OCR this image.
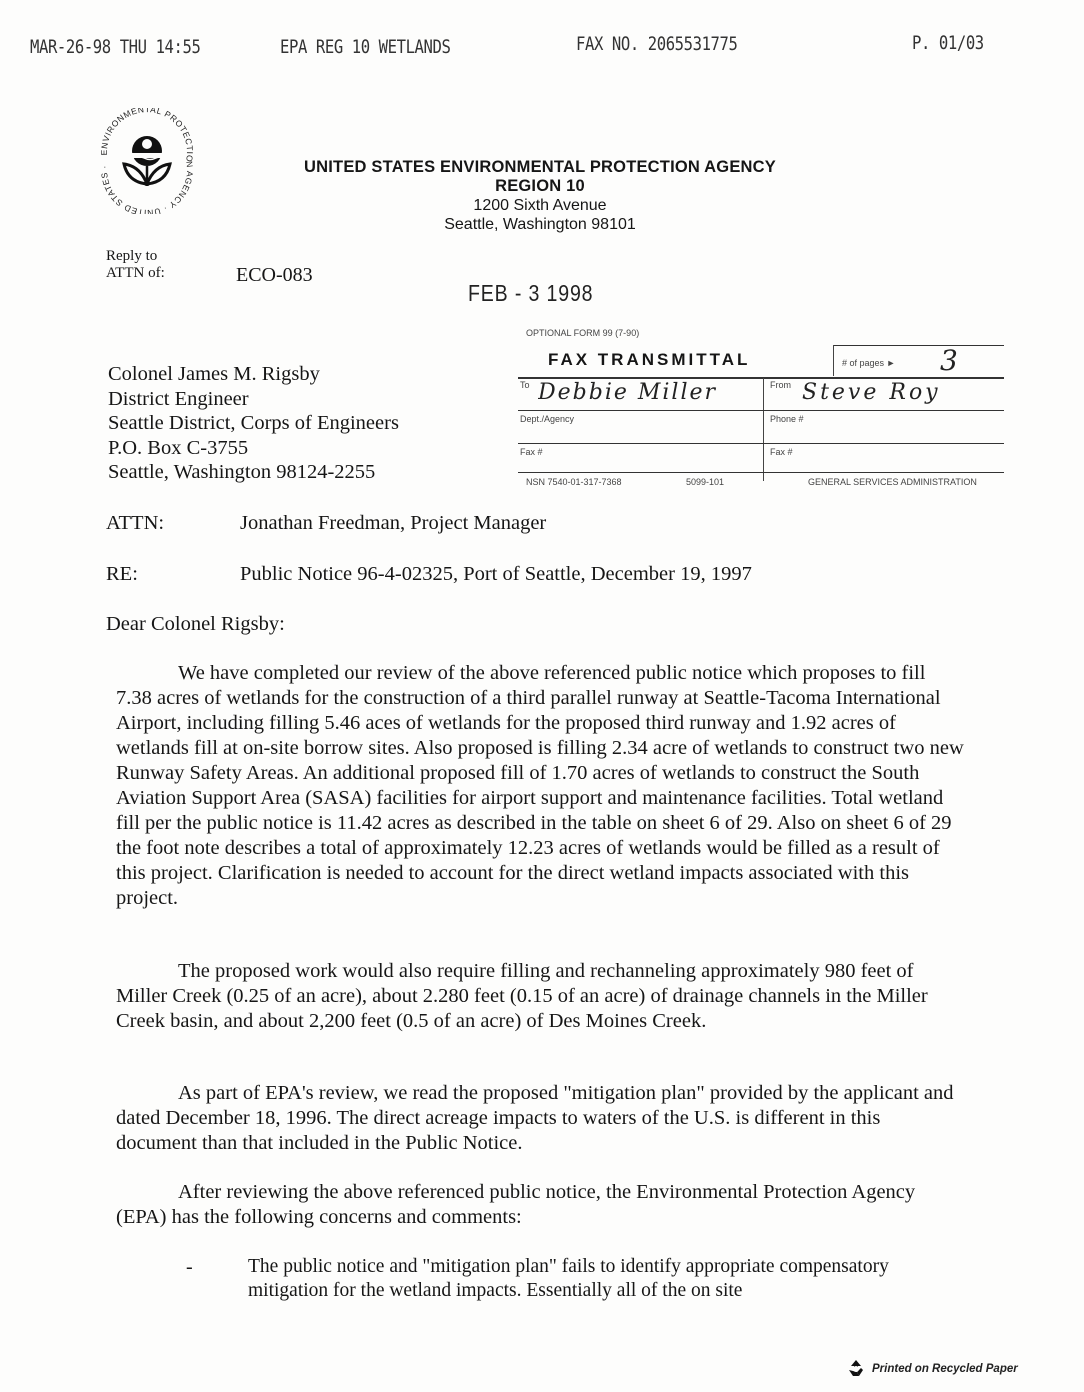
MAR-26-98 THU 14:55	EPA REG 10 WETLANDS	FAX NO. 2065531775	P. 01/03
ENVIRONMENTAL PROTECTION AGENCY · UNITED STATES ·	UNITED STATES ENVIRONMENTAL PROTECTION AGENCY
REGION 10
1200 Sixth Avenue
Seattle, Washington 98101
Reply to
ATTN of:	ECO-083
FEB - 3 1998
OPTIONAL FORM 99 (7-90)
FAX TRANSMITTAL	# of pages ► 3
To Debbie Miller	From Steve Roy
Dept./Agency	Phone #
Fax #	Fax #
NSN 7540-01-317-7368	5099-101	GENERAL SERVICES ADMINISTRATION
Colonel James M. Rigsby
District Engineer
Seattle District, Corps of Engineers
P.O. Box C-3755
Seattle, Washington 98124-2255
ATTN:	Jonathan Freedman, Project Manager
RE:	Public Notice 96-4-02325, Port of Seattle, December 19, 1997
Dear Colonel Rigsby:
We have completed our review of the above referenced public notice which proposes to fill 7.38 acres of wetlands for the construction of a third parallel runway at Seattle-Tacoma International Airport, including filling 5.46 aces of wetlands for the proposed third runway and 1.92 acres of wetlands fill at on-site borrow sites. Also proposed is filling 2.34 acre of wetlands to construct two new Runway Safety Areas. An additional proposed fill of 1.70 acres of wetlands to construct the South Aviation Support Area (SASA) facilities for airport support and maintenance facilities. Total wetland fill per the public notice is 11.42 acres as described in the table on sheet 6 of 29. Also on sheet 6 of 29 the foot note describes a total of approximately 12.23 acres of wetlands would be filled as a result of this project. Clarification is needed to account for the direct wetland impacts associated with this project.
The proposed work would also require filling and rechanneling approximately 980 feet of Miller Creek (0.25 of an acre), about 2.280 feet (0.15 of an acre) of drainage channels in the Miller Creek basin, and about 2,200 feet (0.5 of an acre) of Des Moines Creek.
As part of EPA's review, we read the proposed "mitigation plan" provided by the applicant and dated December 18, 1996. The direct acreage impacts to waters of the U.S. is different in this document than that included in the Public Notice.
After reviewing the above referenced public notice, the Environmental Protection Agency (EPA) has the following concerns and comments:
-	The public notice and "mitigation plan" fails to identify appropriate compensatory mitigation for the wetland impacts. Essentially all of the on site
Printed on Recycled Paper
